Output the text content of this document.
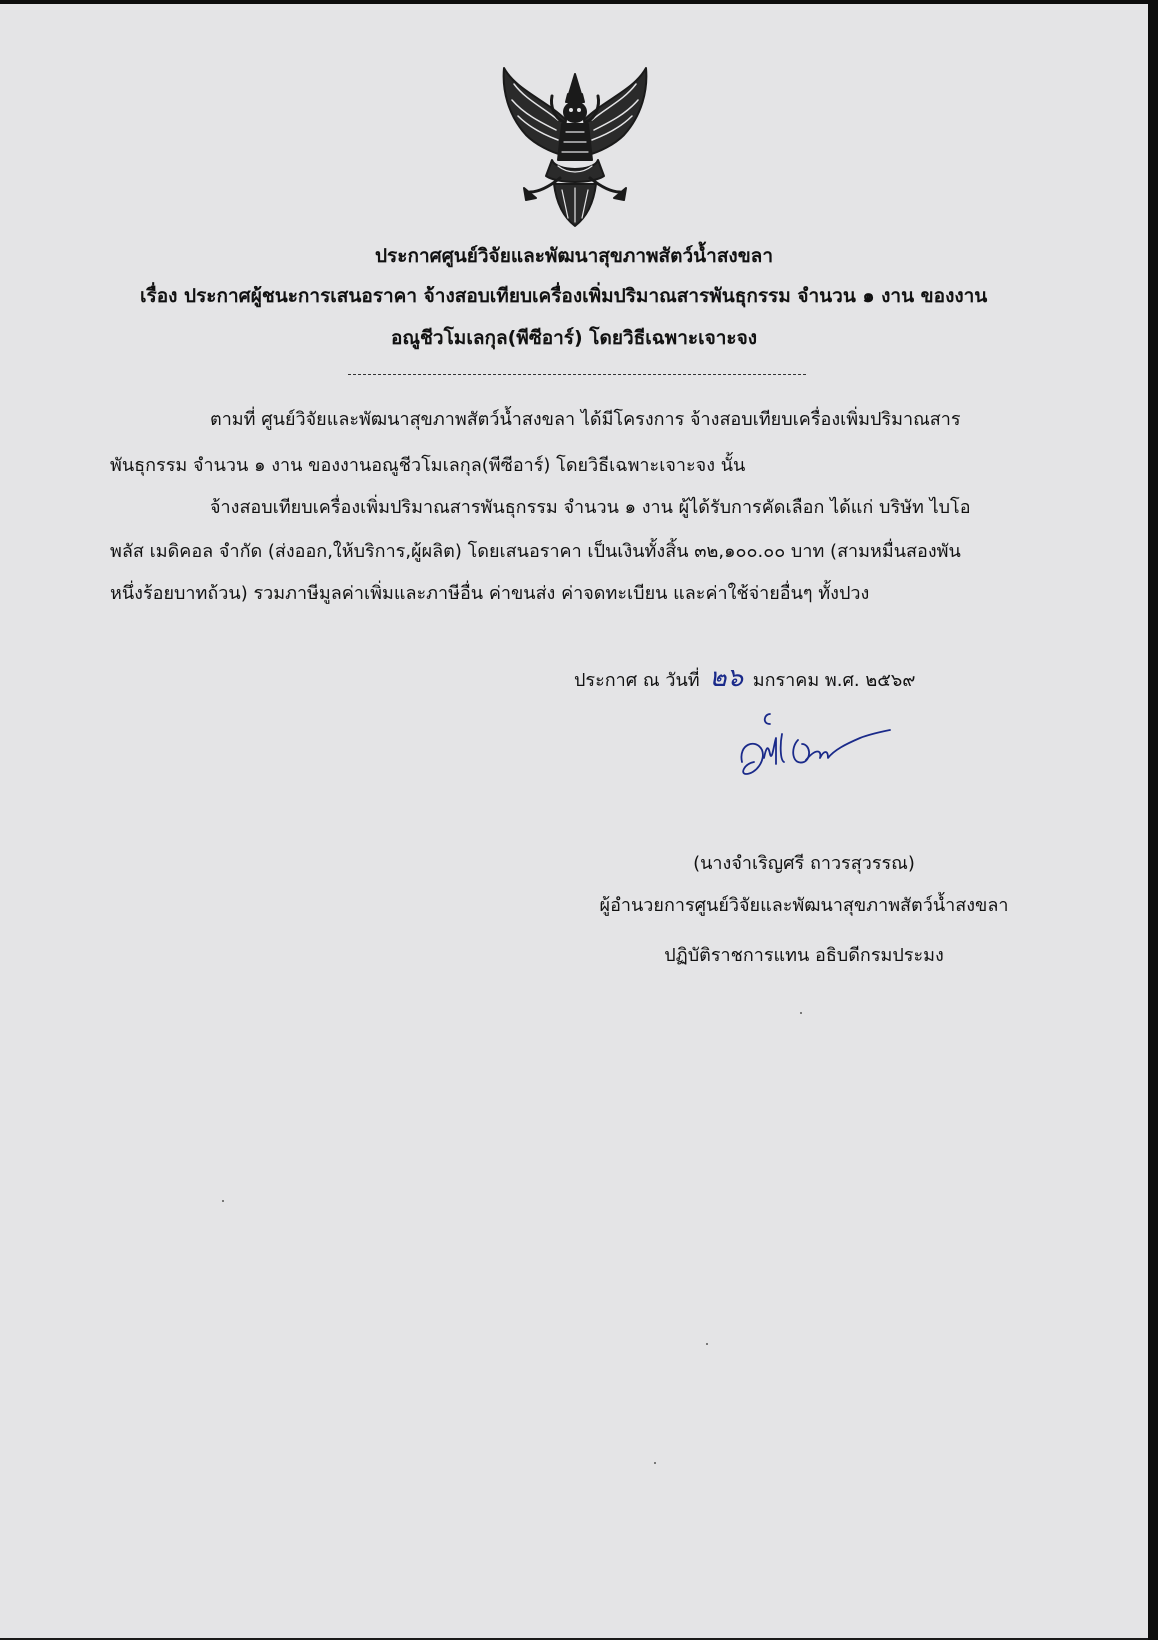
ประกาศศูนย์วิจัยและพัฒนาสุขภาพสัตว์น้ำสงขลา
เรื่อง ประกาศผู้ชนะการเสนอราคา จ้างสอบเทียบเครื่องเพิ่มปริมาณสารพันธุกรรม จำนวน ๑ งาน ของงาน
อณูชีวโมเลกุล(พีซีอาร์) โดยวิธีเฉพาะเจาะจง
ตามที่ ศูนย์วิจัยและพัฒนาสุขภาพสัตว์น้ำสงขลา ได้มีโครงการ จ้างสอบเทียบเครื่องเพิ่มปริมาณสาร
พันธุกรรม จำนวน ๑ งาน ของงานอณูชีวโมเลกุล(พีซีอาร์) โดยวิธีเฉพาะเจาะจง นั้น
จ้างสอบเทียบเครื่องเพิ่มปริมาณสารพันธุกรรม จำนวน ๑ งาน ผู้ได้รับการคัดเลือก ได้แก่ บริษัท ไบโอ
พลัส เมดิคอล จำกัด (ส่งออก,ให้บริการ,ผู้ผลิต) โดยเสนอราคา เป็นเงินทั้งสิ้น ๓๒,๑๐๐.๐๐ บาท (สามหมื่นสองพัน
หนึ่งร้อยบาทถ้วน) รวมภาษีมูลค่าเพิ่มและภาษีอื่น ค่าขนส่ง ค่าจดทะเบียน และค่าใช้จ่ายอื่นๆ ทั้งปวง
ประกาศ ณ วันที่ ๒๖ มกราคม พ.ศ. ๒๕๖๙
(นางจำเริญศรี ถาวรสุวรรณ)
ผู้อำนวยการศูนย์วิจัยและพัฒนาสุขภาพสัตว์น้ำสงขลา
ปฏิบัติราชการแทน อธิบดีกรมประมง
